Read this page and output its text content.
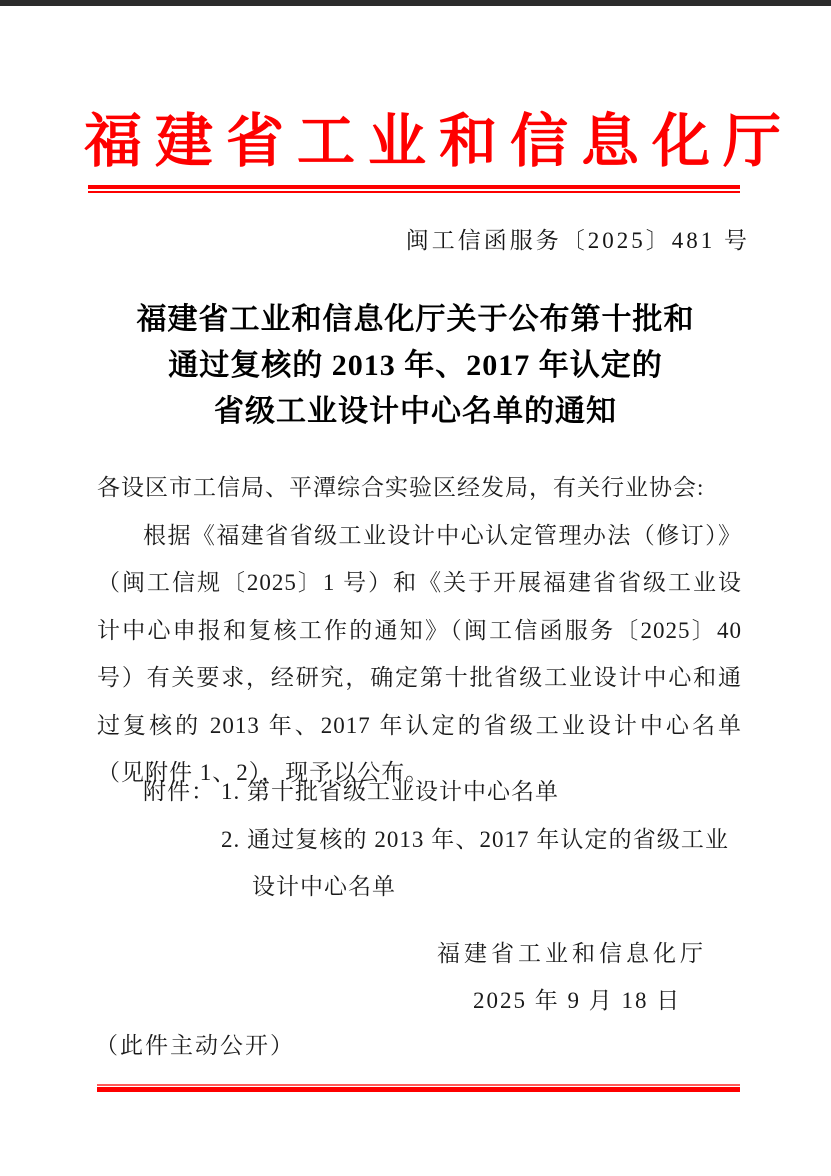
福建省工业和信息化厅
闽工信函服务〔2025〕481 号
福建省工业和信息化厅关于公布第十批和
通过复核的 2013 年、2017 年认定的
省级工业设计中心名单的通知
各设区市工信局、平潭综合实验区经发局，有关行业协会:
根据《福建省省级工业设计中心认定管理办法（修订）》（闽工信规〔2025〕1 号）和《关于开展福建省省级工业设计中心申报和复核工作的通知》（闽工信函服务〔2025〕40 号）有关要求，经研究，确定第十批省级工业设计中心和通过复核的 2013 年、2017 年认定的省级工业设计中心名单（见附件 1、2），现予以公布。
附件： 1. 第十批省级工业设计中心名单
2. 通过复核的 2013 年、2017 年认定的省级工业设计中心名单
福建省工业和信息化厅
2025 年 9 月 18 日
（此件主动公开）
